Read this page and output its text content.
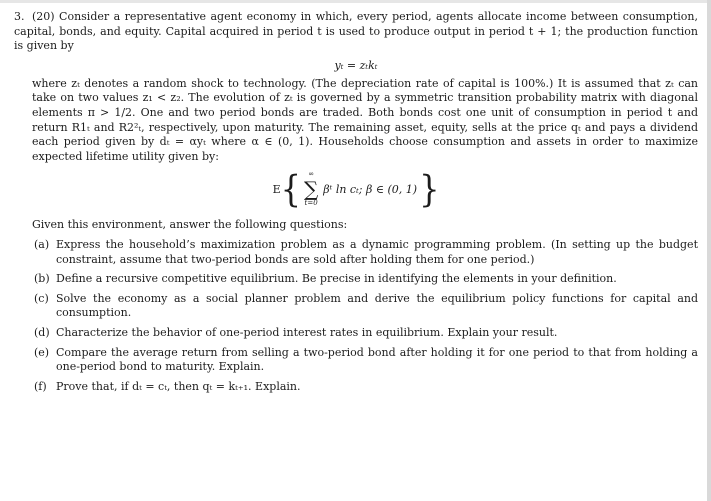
3. (20) Consider a representative agent economy in which, every period, agents allocate income between consumption, capital, bonds, and equity. Capital acquired in period t is used to produce output in period t + 1; the production function is given by

yₜ = zₜkₜ

where zₜ denotes a random shock to technology. (The depreciation rate of capital is 100%.) It is assumed that zₜ can take on two values z₁ < z₂. The evolution of zₜ is governed by a symmetric transition probability matrix with diagonal elements π > 1/2. One and two period bonds are traded. Both bonds cost one unit of consumption in period t and return R1ₜ and R2²ₜ, respectively, upon maturity. The remaining asset, equity, sells at the price qₜ and pays a dividend each period given by dₜ = αyₜ where α ∈ (0, 1). Households choose consumption and assets in order to maximize expected lifetime utility given by:

E { ∞
∑
t=0
βᵗ ln cₜ; β ∈ (0, 1) }

Given this environment, answer the following questions:

(a) Express the household’s maximization problem as a dynamic programming problem. (In setting up the budget constraint, assume that two-period bonds are sold after holding them for one period.)
(b) Define a recursive competitive equilibrium. Be precise in identifying the elements in your definition.
(c) Solve the economy as a social planner problem and derive the equilibrium policy functions for capital and consumption.
(d) Characterize the behavior of one-period interest rates in equilibrium. Explain your result.
(e) Compare the average return from selling a two-period bond after holding it for one period to that from holding a one-period bond to maturity. Explain.
(f) Prove that, if dₜ = cₜ, then qₜ = kₜ₊₁. Explain.
